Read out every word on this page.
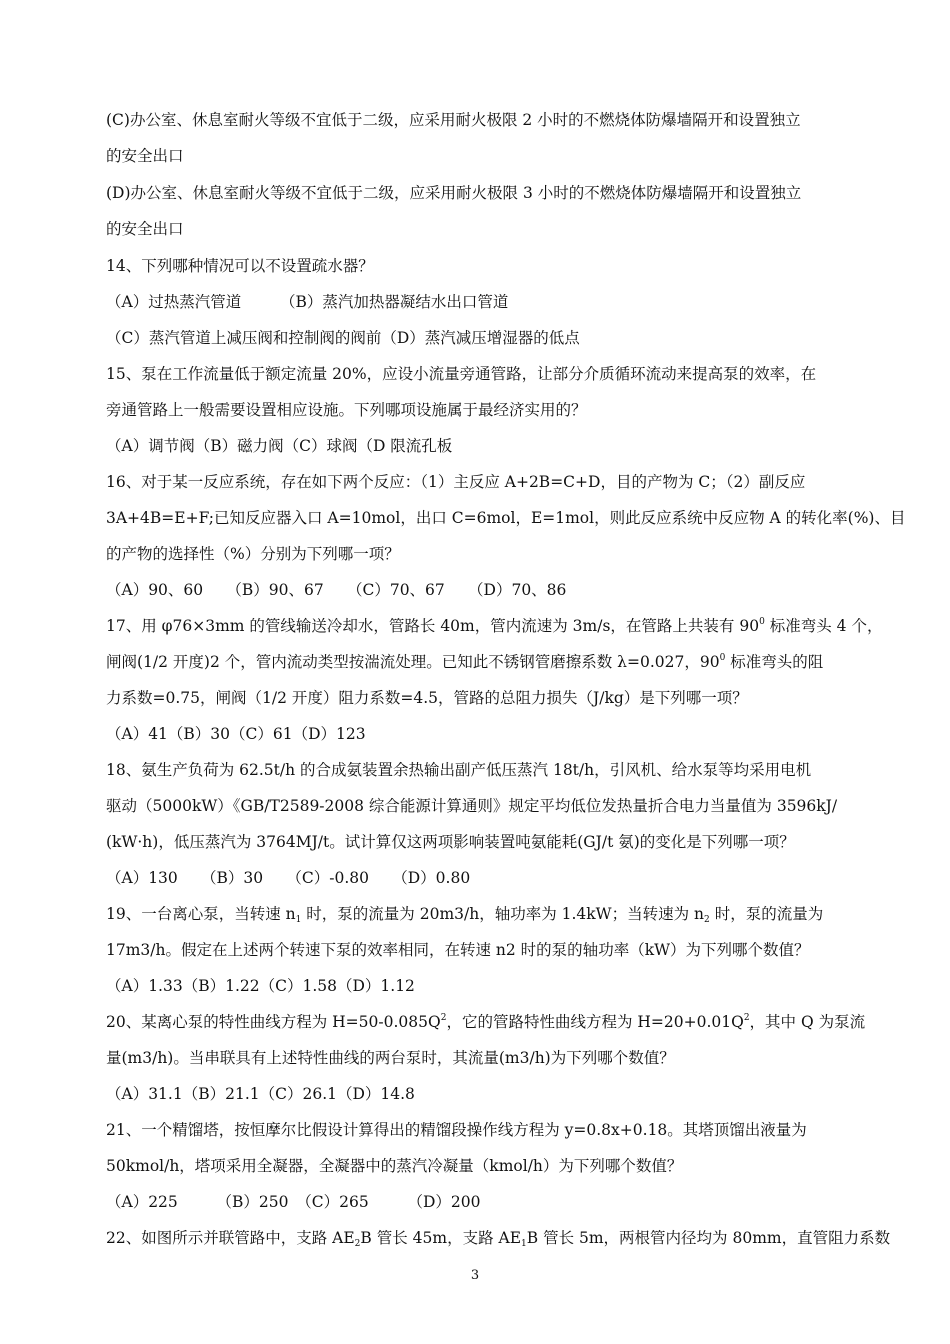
(C)办公室、休息室耐火等级不宜低于二级，应采用耐火极限 2 小时的不燃烧体防爆墙隔开和设置独立
的安全出口
(D)办公室、休息室耐火等级不宜低于二级，应采用耐火极限 3 小时的不燃烧体防爆墙隔开和设置独立
的安全出口
14、下列哪种情况可以不设置疏水器？
（A）过热蒸汽管道　　　（B）蒸汽加热器凝结水出口管道
（C）蒸汽管道上减压阀和控制阀的阀前（D）蒸汽减压增湿器的低点
15、泵在工作流量低于额定流量 20%，应设小流量旁通管路，让部分介质循环流动来提高泵的效率，在
旁通管路上一般需要设置相应设施。下列哪项设施属于最经济实用的？
（A）调节阀（B）磁力阀（C）球阀（D 限流孔板
16、对于某一反应系统，存在如下两个反应：（1）主反应 A+2B=C+D，目的产物为 C；（2）副反应
3A+4B=E+F;已知反应器入口 A=10mol，出口 C=6mol，E=1mol，则此反应系统中反应物 A 的转化率(%)、目
的产物的选择性（%）分别为下列哪一项？
（A）90、60　　（B）90、67　　（C）70、67　　（D）70、86
17、用 φ76×3mm 的管线输送冷却水，管路长 40m，管内流速为 3m/s，在管路上共装有 $90^0$ 标准弯头 4 个，
闸阀(1/2 开度)2 个，管内流动类型按湍流处理。已知此不锈钢管磨擦系数 λ=0.027，$90^0$ 标准弯头的阻
力系数=0.75，闸阀（1/2 开度）阻力系数=4.5，管路的总阻力损失（J/kg）是下列哪一项？
（A）41（B）30（C）61（D）123
18、氨生产负荷为 62.5t/h 的合成氨装置余热输出副产低压蒸汽 18t/h，引风机、给水泵等均采用电机
驱动（5000kW）《GB/T2589-2008 综合能源计算通则》规定平均低位发热量折合电力当量值为 3596kJ/
(kW·h)，低压蒸汽为 3764MJ/t。试计算仅这两项影响装置吨氨能耗(GJ/t 氨)的变化是下列哪一项？
（A）130　　（B）30　　（C）-0.80　　（D）0.80
19、一台离心泵，当转速 $n_1$ 时，泵的流量为 20m3/h，轴功率为 1.4kW；当转速为 $n_2$ 时，泵的流量为
17m3/h。假定在上述两个转速下泵的效率相同，在转速 n2 时的泵的轴功率（kW）为下列哪个数值？
（A）1.33（B）1.22（C）1.58（D）1.12
20、某离心泵的特性曲线方程为 $H=50-0.085Q^2$，它的管路特性曲线方程为 $H=20+0.01Q^2$，其中 Q 为泵流
量(m3/h)。当串联具有上述特性曲线的两台泵时，其流量(m3/h)为下列哪个数值？
（A）31.1（B）21.1（C）26.1（D）14.8
21、一个精馏塔，按恒摩尔比假设计算得出的精馏段操作线方程为 y=0.8x+0.18。其塔顶馏出液量为
50kmol/h，塔项采用全凝器，全凝器中的蒸汽冷凝量（kmol/h）为下列哪个数值？
（A）225　　　（B）250　（C）265　　　（D）200
22、如图所示并联管路中，支路 $AE_2B$ 管长 45m，支路 $AE_1B$ 管长 5m，两根管内径均为 80mm，直管阻力系数
3
